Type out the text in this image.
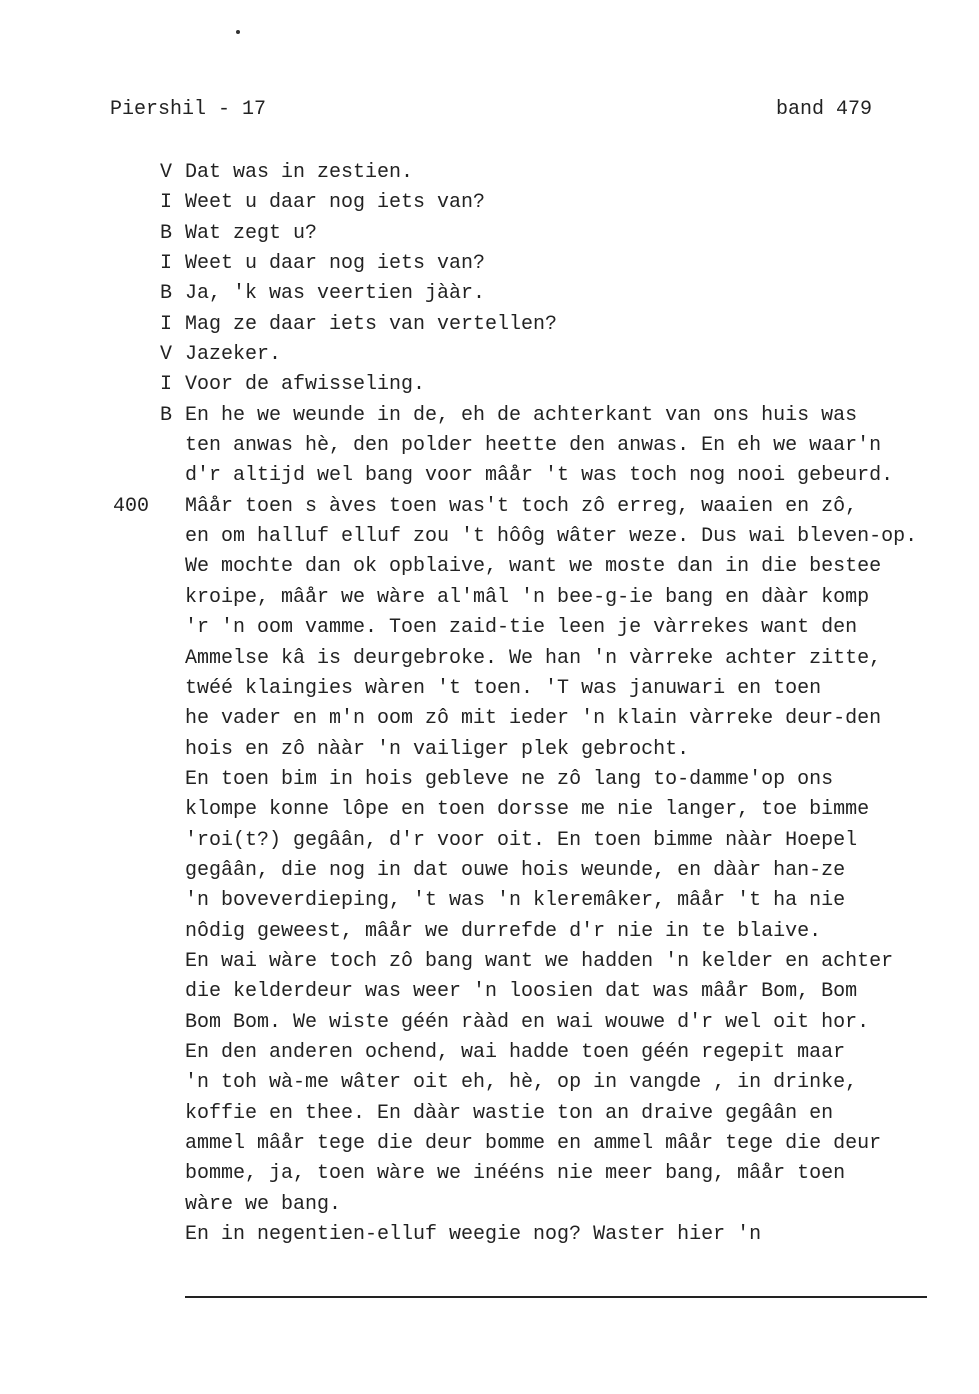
Piershil - 17	band 479
V Dat was in zestien.
I Weet u daar nog iets van?
B Wat zegt u?
I Weet u daar nog iets van?
B Ja, 'k was veertien jààr.
I Mag ze daar iets van vertellen?
V Jazeker.
I Voor de afwisseling.
B En he we weunde in de, eh de achterkant van ons huis was
ten anwas hè, den polder heette den anwas. En eh we waar'n
d'r altijd wel bang voor mâår 't was toch nog nooi gebeurd.
400 Mâår toen s àves toen was't toch zô erreg, waaien en zô,
en om halluf elluf zou 't hôôg wâter weze. Dus wai bleven-op.
We mochte dan ok opblaive, want we moste dan in die bestee
kroipe, mâår we wàre al'mâl 'n bee-g-ie bang en dààr komp
'r 'n oom vamme. Toen zaid-tie leen je vàrrekes want den
Ammelse kâ is deurgebroke. We han 'n vàrreke achter zitte,
twéé klaingies wàren 't toen. 'T was januwari en toen
he vader en m'n oom zô mit ieder 'n klain vàrreke deur-den
hois en zô nààr 'n vailiger plek gebrocht.
En toen bim in hois gebleve ne zô lang to-damme'op ons
klompe konne lôpe en toen dorsse me nie langer, toe bimme
'roi(t?) gegâân, d'r voor oit. En toen bimme nààr Hoepel
gegâân, die nog in dat ouwe hois weunde, en dààr han-ze
'n boveverdieping, 't was 'n kleremâker, mâår 't ha nie
nôdig geweest, mâår we durrefde d'r nie in te blaive.
En wai wàre toch zô bang want we hadden 'n kelder en achter
die kelderdeur was weer 'n loosien dat was mâår Bom, Bom
Bom Bom. We wiste géén rààd en wai wouwe d'r wel oit hor.
En den anderen ochend, wai hadde toen géén regepit maar
'n toh wà-me wâter oit eh, hè, op in vangde , in drinke,
koffie en thee. En dààr wastie ton an draive gegâân en
ammel mâår tege die deur bomme en ammel mâår tege die deur
bomme, ja, toen wàre we inééns nie meer bang, mâår toen
wàre we bang.
En in negentien-elluf weegie nog? Waster hier 'n
